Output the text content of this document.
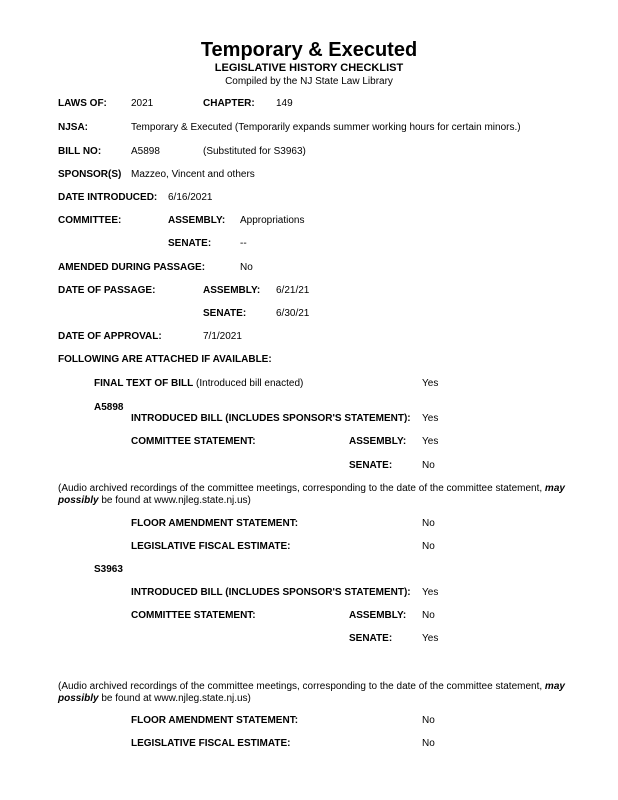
Temporary & Executed
LEGISLATIVE HISTORY CHECKLIST
Compiled by the NJ State Law Library
LAWS OF: 2021	CHAPTER: 149
NJSA:	Temporary & Executed (Temporarily expands summer working hours for certain minors.)
BILL NO:	A5898	(Substituted for S3963)
SPONSOR(S) Mazzeo, Vincent and others
DATE INTRODUCED: 6/16/2021
COMMITTEE:	ASSEMBLY: Appropriations
SENATE:	--
AMENDED DURING PASSAGE:	No
DATE OF PASSAGE:	ASSEMBLY: 6/21/21
SENATE:	6/30/21
DATE OF APPROVAL:	7/1/2021
FOLLOWING ARE ATTACHED IF AVAILABLE:
FINAL TEXT OF BILL (Introduced bill enacted)	Yes
A5898
INTRODUCED BILL (INCLUDES SPONSOR'S STATEMENT): Yes
COMMITTEE STATEMENT:	ASSEMBLY: Yes
SENATE:	No
(Audio archived recordings of the committee meetings, corresponding to the date of the committee statement, may possibly be found at www.njleg.state.nj.us)
FLOOR AMENDMENT STATEMENT:	No
LEGISLATIVE FISCAL ESTIMATE:	No
S3963
INTRODUCED BILL (INCLUDES SPONSOR'S STATEMENT): Yes
COMMITTEE STATEMENT:	ASSEMBLY: No
SENATE:	Yes
(Audio archived recordings of the committee meetings, corresponding to the date of the committee statement, may possibly be found at www.njleg.state.nj.us)
FLOOR AMENDMENT STATEMENT:	No
LEGISLATIVE FISCAL ESTIMATE:	No
